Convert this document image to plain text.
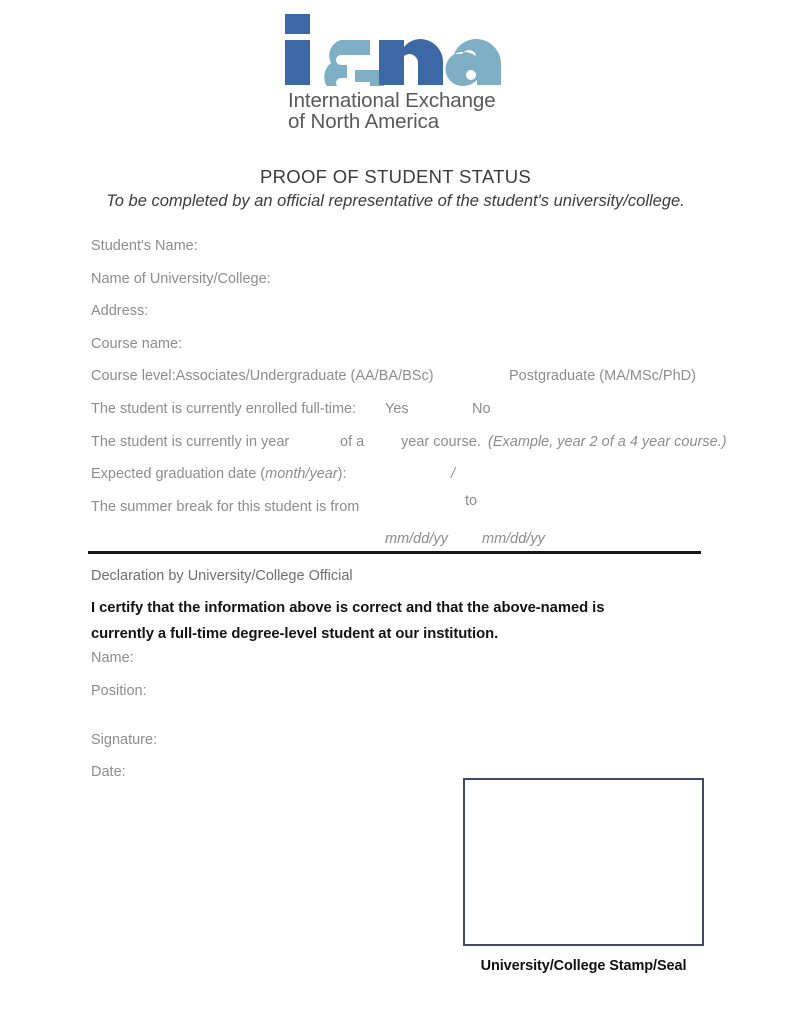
International Exchange
of North America
PROOF OF STUDENT STATUS
To be completed by an official representative of the student's university/college.
Student's Name:
Name of University/College:
Address:
Course name:
Course level:Associates/Undergraduate (AA/BA/BSc)	Postgraduate (MA/MSc/PhD)
The student is currently enrolled full-time: Yes	No
The student is currently in year	of a	year course. (Example, year 2 of a 4 year course.)
Expected graduation date (month/year):	/
The summer break for this student is from	to
mm/dd/yy mm/dd/yy
Declaration by University/College Official
I certify that the information above is correct and that the above-named is
currently a full-time degree-level student at our institution.
Name:
Position:
Signature:
Date:
University/College Stamp/Seal
